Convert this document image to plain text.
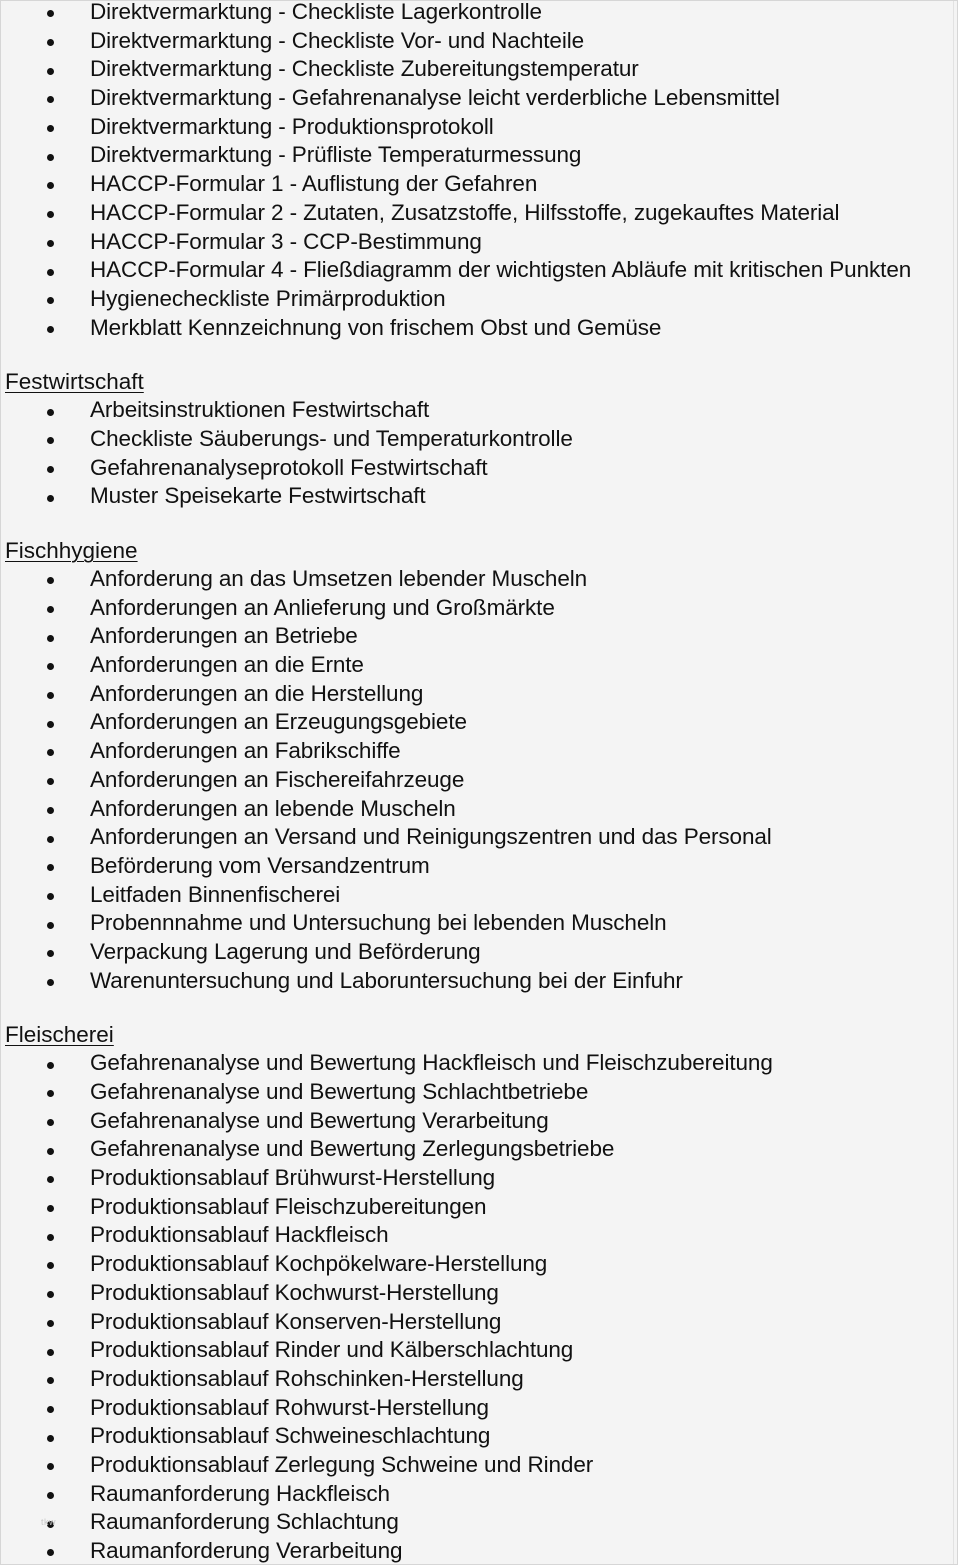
Direktvermarktung - Checkliste Lagerkontrolle
Direktvermarktung - Checkliste Vor- und Nachteile
Direktvermarktung - Checkliste Zubereitungstemperatur
Direktvermarktung - Gefahrenanalyse leicht verderbliche Lebensmittel
Direktvermarktung - Produktionsprotokoll
Direktvermarktung - Prüfliste Temperaturmessung
HACCP-Formular 1 - Auflistung der Gefahren
HACCP-Formular 2 - Zutaten, Zusatzstoffe, Hilfsstoffe, zugekauftes Material
HACCP-Formular 3 - CCP-Bestimmung
HACCP-Formular 4 - Fließdiagramm der wichtigsten Abläufe mit kritischen Punkten
Hygienecheckliste Primärproduktion
Merkblatt Kennzeichnung von frischem Obst und Gemüse
Festwirtschaft
Arbeitsinstruktionen Festwirtschaft
Checkliste Säuberungs- und Temperaturkontrolle
Gefahrenanalyseprotokoll Festwirtschaft
Muster Speisekarte Festwirtschaft
Fischhygiene
Anforderung an das Umsetzen lebender Muscheln
Anforderungen an Anlieferung und Großmärkte
Anforderungen an Betriebe
Anforderungen an die Ernte
Anforderungen an die Herstellung
Anforderungen an Erzeugungsgebiete
Anforderungen an Fabrikschiffe
Anforderungen an Fischereifahrzeuge
Anforderungen an lebende Muscheln
Anforderungen an Versand und Reinigungszentren und das Personal
Beförderung vom Versandzentrum
Leitfaden Binnenfischerei
Probennnahme und Untersuchung bei lebenden Muscheln
Verpackung Lagerung und Beförderung
Warenuntersuchung und Laboruntersuchung bei der Einfuhr
Fleischerei
Gefahrenanalyse und Bewertung Hackfleisch und Fleischzubereitung
Gefahrenanalyse und Bewertung Schlachtbetriebe
Gefahrenanalyse und Bewertung Verarbeitung
Gefahrenanalyse und Bewertung Zerlegungsbetriebe
Produktionsablauf Brühwurst-Herstellung
Produktionsablauf Fleischzubereitungen
Produktionsablauf Hackfleisch
Produktionsablauf Kochpökelware-Herstellung
Produktionsablauf Kochwurst-Herstellung
Produktionsablauf Konserven-Herstellung
Produktionsablauf Rinder und Kälberschlachtung
Produktionsablauf Rohschinken-Herstellung
Produktionsablauf Rohwurst-Herstellung
Produktionsablauf Schweineschlachtung
Produktionsablauf Zerlegung Schweine und Rinder
Raumanforderung Hackfleisch
Raumanforderung Schlachtung
Raumanforderung Verarbeitung
tkw
